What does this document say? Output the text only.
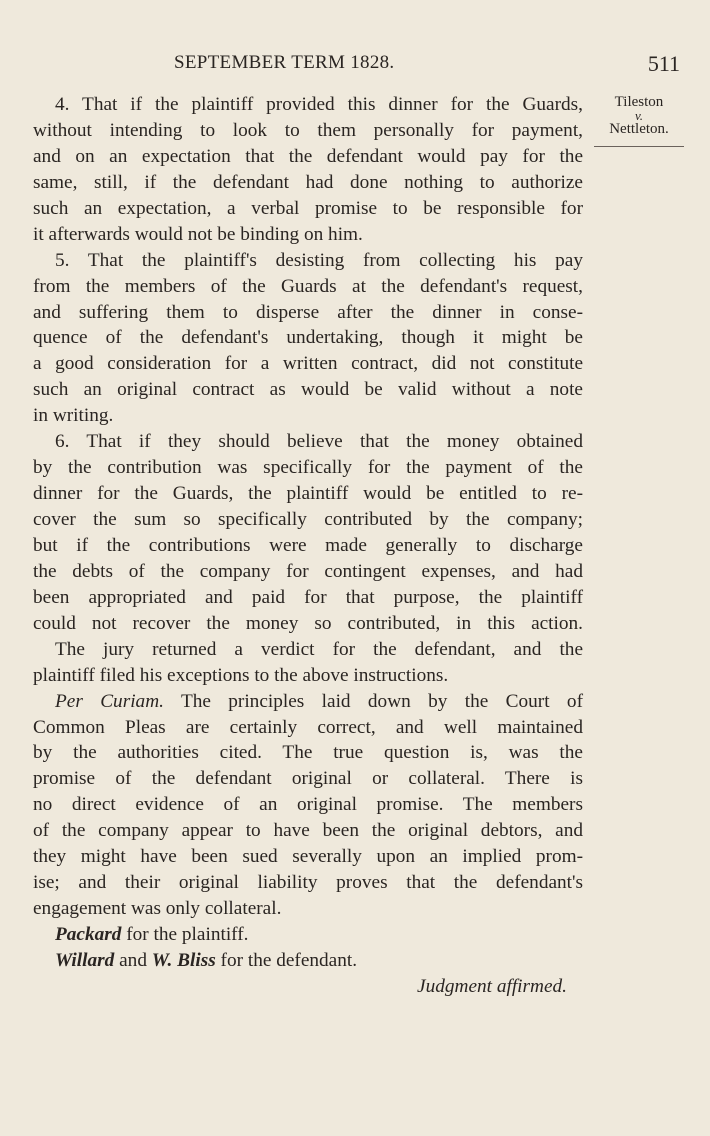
SEPTEMBER TERM 1828.	511
Tileston
v.
Nettleton.
4. That if the plaintiff provided this dinner for the Guards,
without intending to look to them personally for payment,
and on an expectation that the defendant would pay for the
same, still, if the defendant had done nothing to authorize
such an expectation, a verbal promise to be responsible for
it afterwards would not be binding on him.
5. That the plaintiff's desisting from collecting his pay
from the members of the Guards at the defendant's request,
and suffering them to disperse after the dinner in conse-
quence of the defendant's undertaking, though it might be
a good consideration for a written contract, did not constitute
such an original contract as would be valid without a note
in writing.
6. That if they should believe that the money obtained
by the contribution was specifically for the payment of the
dinner for the Guards, the plaintiff would be entitled to re-
cover the sum so specifically contributed by the company;
but if the contributions were made generally to discharge
the debts of the company for contingent expenses, and had
been appropriated and paid for that purpose, the plaintiff
could not recover the money so contributed, in this action.
The jury returned a verdict for the defendant, and the
plaintiff filed his exceptions to the above instructions.
Per Curiam. The principles laid down by the Court of
Common Pleas are certainly correct, and well maintained
by the authorities cited. The true question is, was the
promise of the defendant original or collateral. There is
no direct evidence of an original promise. The members
of the company appear to have been the original debtors, and
they might have been sued severally upon an implied prom-
ise; and their original liability proves that the defendant's
engagement was only collateral.
Packard for the plaintiff.
Willard and W. Bliss for the defendant.
Judgment affirmed.
